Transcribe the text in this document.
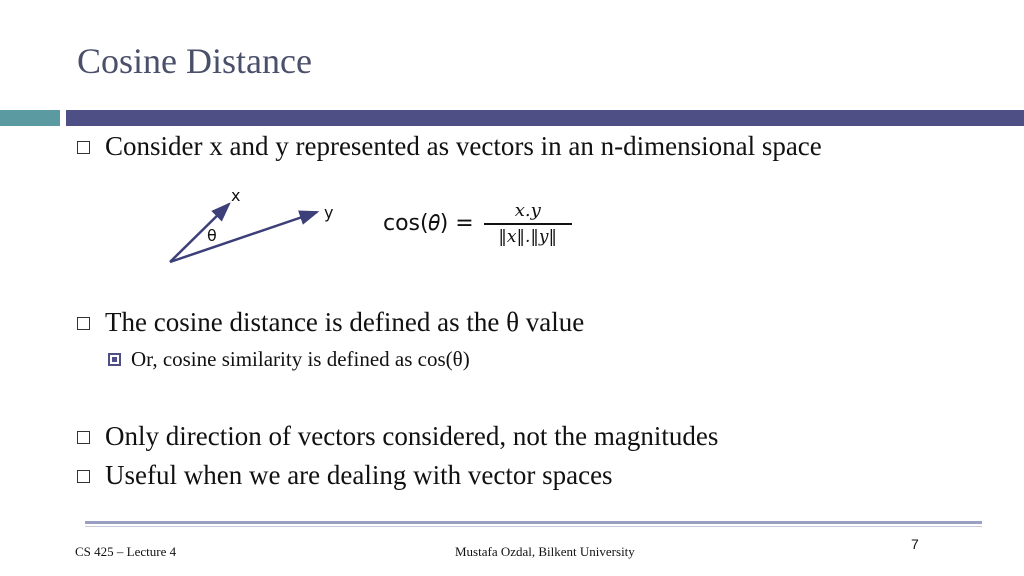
Cosine Distance
Consider x and y represented as vectors in an n-dimensional space
x
y
θ	cos(𝜃) = $\frac{\text{𝑥.𝑦}}{\text{‖𝑥‖.‖𝑦‖}}$
The cosine distance is defined as the θ value
Or, cosine similarity is defined as cos(θ)
Only direction of vectors considered, not the magnitudes
Useful when we are dealing with vector spaces
CS 425 – Lecture 4	Mustafa Ozdal, Bilkent University	7
